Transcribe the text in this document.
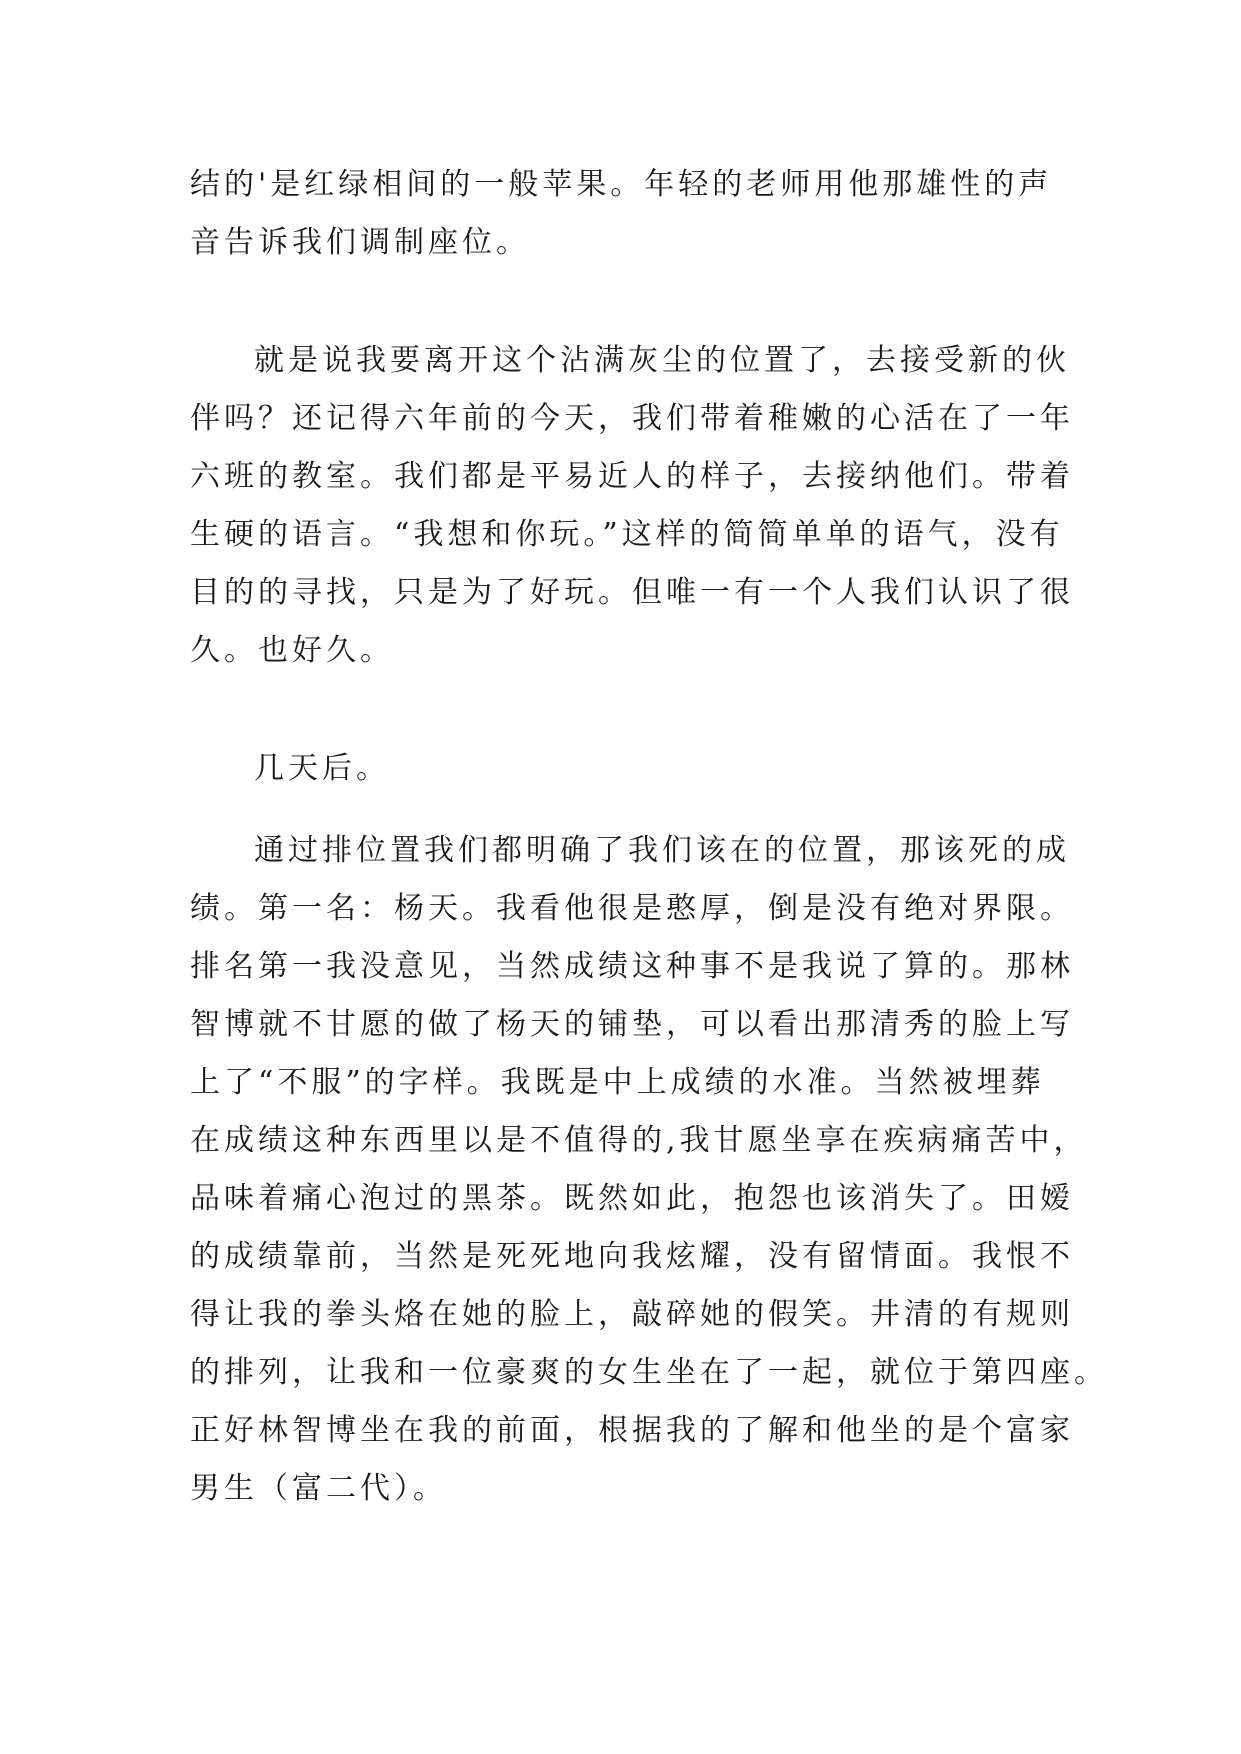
结的'是红绿相间的一般苹果。年轻的老师用他那雄性的声
音告诉我们调制座位。
就是说我要离开这个沾满灰尘的位置了，去接受新的伙
伴吗？还记得六年前的今天，我们带着稚嫩的心活在了一年
六班的教室。我们都是平易近人的样子，去接纳他们。带着
生硬的语言。“我想和你玩。”这样的简简单单的语气，没有
目的的寻找，只是为了好玩。但唯一有一个人我们认识了很
久。也好久。
几天后。
通过排位置我们都明确了我们该在的位置，那该死的成
绩。第一名：杨天。我看他很是憨厚，倒是没有绝对界限。
排名第一我没意见，当然成绩这种事不是我说了算的。那林
智博就不甘愿的做了杨天的铺垫，可以看出那清秀的脸上写
上了“不服”的字样。我既是中上成绩的水准。当然被埋葬
在成绩这种东西里以是不值得的,我甘愿坐享在疾病痛苦中，
品味着痛心泡过的黑茶。既然如此，抱怨也该消失了。田嫒
的成绩靠前，当然是死死地向我炫耀，没有留情面。我恨不
得让我的拳头烙在她的脸上，敲碎她的假笑。井清的有规则
的排列，让我和一位豪爽的女生坐在了一起，就位于第四座。
正好林智博坐在我的前面，根据我的了解和他坐的是个富家
男生（富二代）。
